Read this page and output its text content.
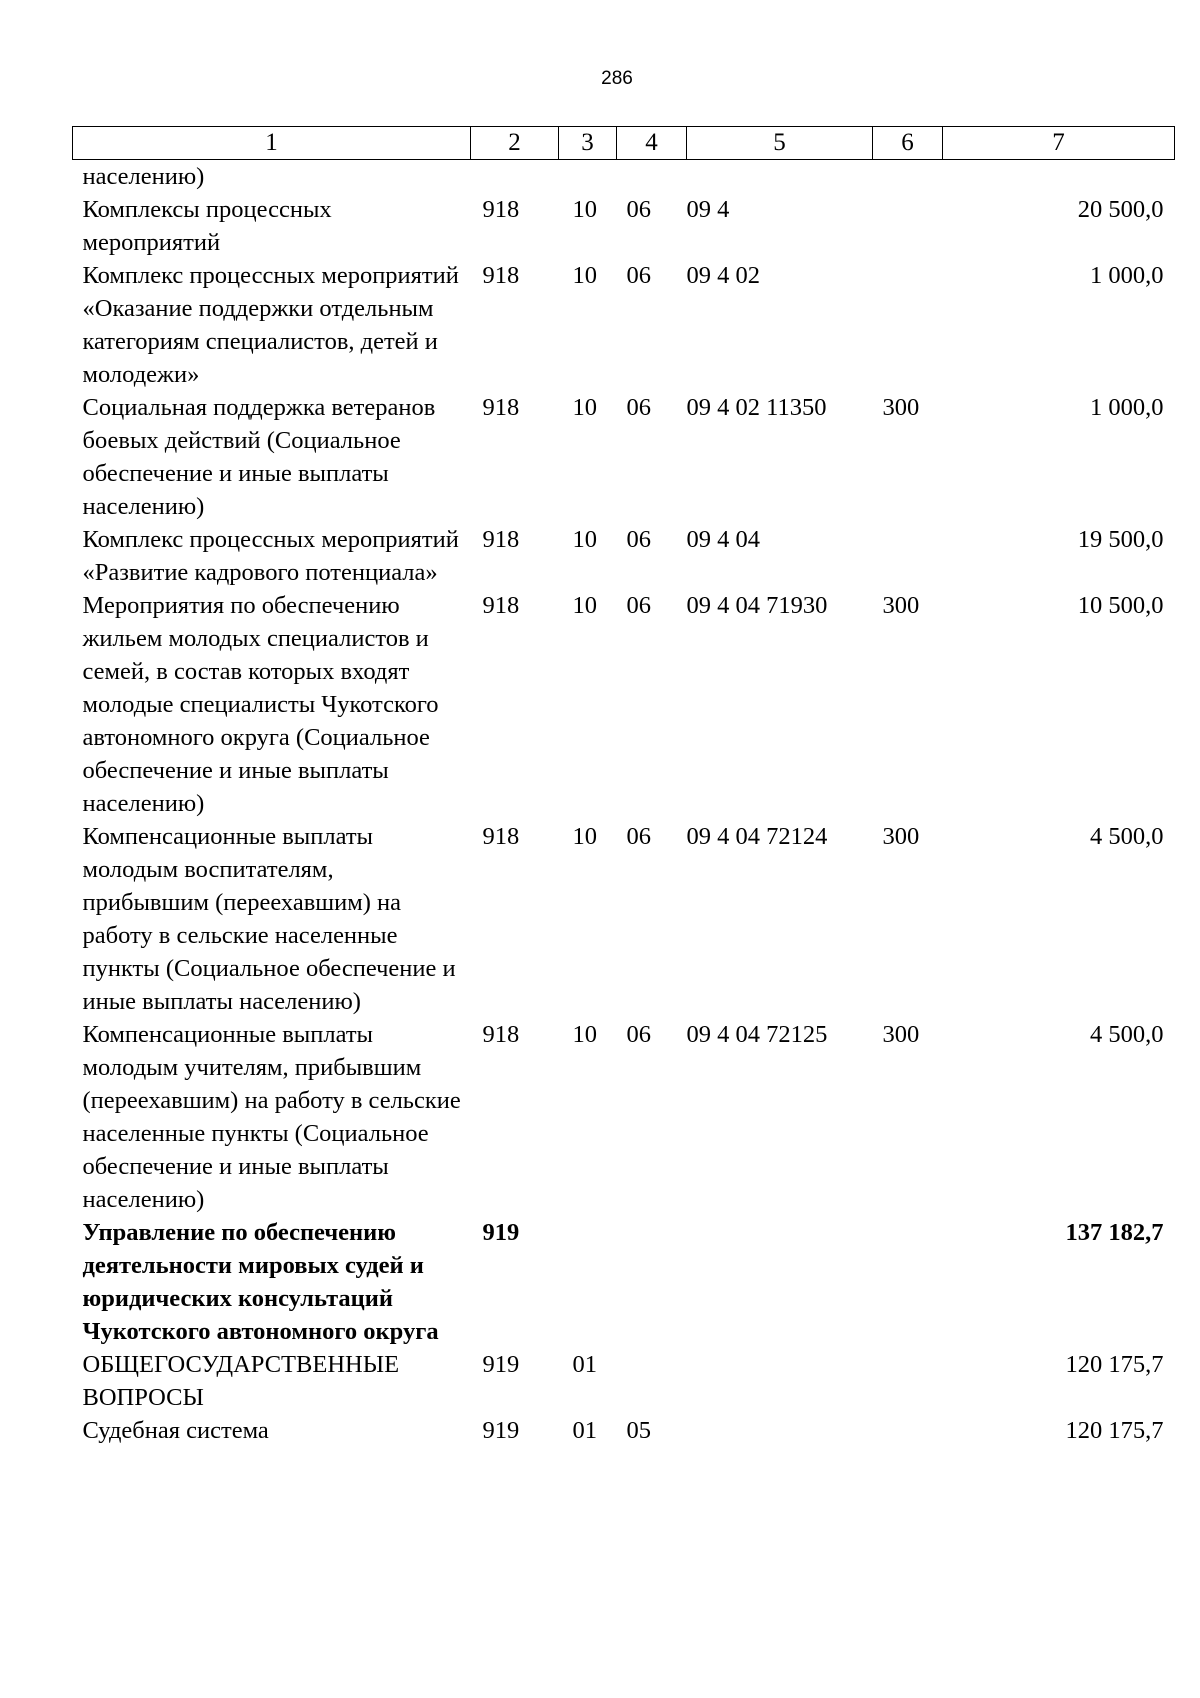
286
1	2	3	4	5	6	7
населению)						
Комплексы процессных мероприятий	918	10	06	09 4		20 500,0
Комплекс процессных мероприятий «Оказание поддержки отдельным категориям специалистов, детей и молодежи»	918	10	06	09 4 02		1 000,0
Социальная поддержка ветеранов боевых действий (Социальное обеспечение и иные выплаты населению)	918	10	06	09 4 02 11350	300	1 000,0
Комплекс процессных мероприятий «Развитие кадрового потенциала»	918	10	06	09 4 04		19 500,0
Мероприятия по обеспечению жильем молодых специалистов и семей, в состав которых входят молодые специалисты Чукотского автономного округа (Социальное обеспечение и иные выплаты населению)	918	10	06	09 4 04 71930	300	10 500,0
Компенсационные выплаты молодым воспитателям, прибывшим (переехавшим) на работу в сельские населенные пункты (Социальное обеспечение и иные выплаты населению)	918	10	06	09 4 04 72124	300	4 500,0
Компенсационные выплаты молодым учителям, прибывшим (переехавшим) на работу в сельские населенные пункты (Социальное обеспечение и иные выплаты населению)	918	10	06	09 4 04 72125	300	4 500,0
Управление по обеспечению деятельности мировых судей и юридических консультаций Чукотского автономного округа	919					137 182,7
ОБЩЕГОСУДАРСТВЕННЫЕ ВОПРОСЫ	919	01				120 175,7
Судебная система	919	01	05			120 175,7
